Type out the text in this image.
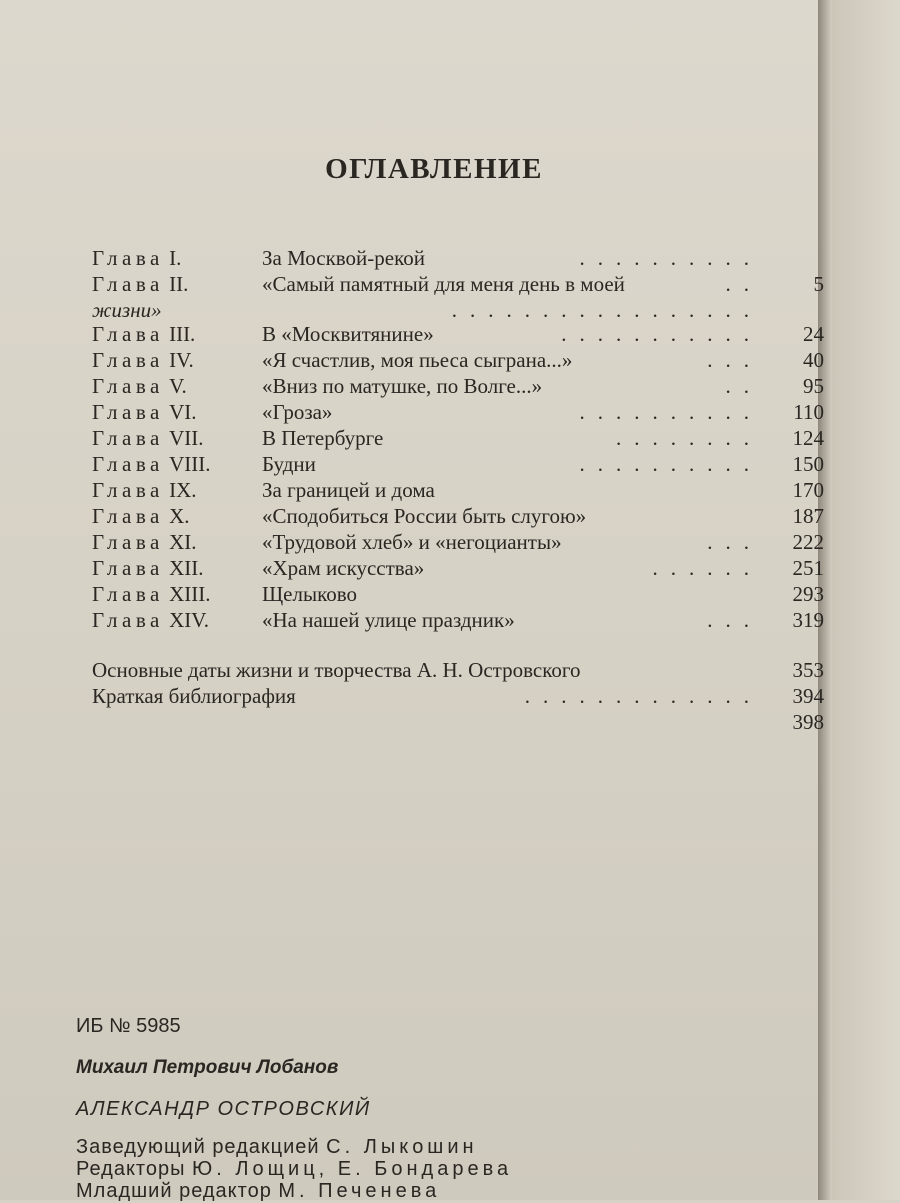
ОГЛАВЛЕНИЕ
Глава I.	За Москвой-рекой	..........
Глава II.	«Самый памятный для меня день в моей	.. 5
жизни»	.................
Глава III.	В «Москвитянине»	........... 24
Глава IV.	«Я счастлив, моя пьеса сыграна...»	... 40
Глава V.	«Вниз по матушке, по Волге...»	.. 95
Глава VI.	«Гроза»	.......... 110
Глава VII.	В Петербурге	........ 124
Глава VIII. Будни	.......... 150
Глава IX.	За границей и дома	170
Глава X.	«Сподобиться России быть слугою»	187
Глава XI.	«Трудовой хлеб» и «негоцианты»	... 222
Глава XII.	«Храм искусства»	...... 251
Глава XIII. Щелыково	293
Глава XIV.	«На нашей улице праздник»	... 319
Основные даты жизни и творчества А. Н. Островского	353
Краткая библиография	............. 394
398
ИБ № 5985
Михаил Петрович Лобанов
АЛЕКСАНДР ОСТРОВСКИЙ
Заведующий редакцией С. Лыкошин
Редакторы Ю. Лощиц, Е. Бондарева
Младший редактор М. Печенева
